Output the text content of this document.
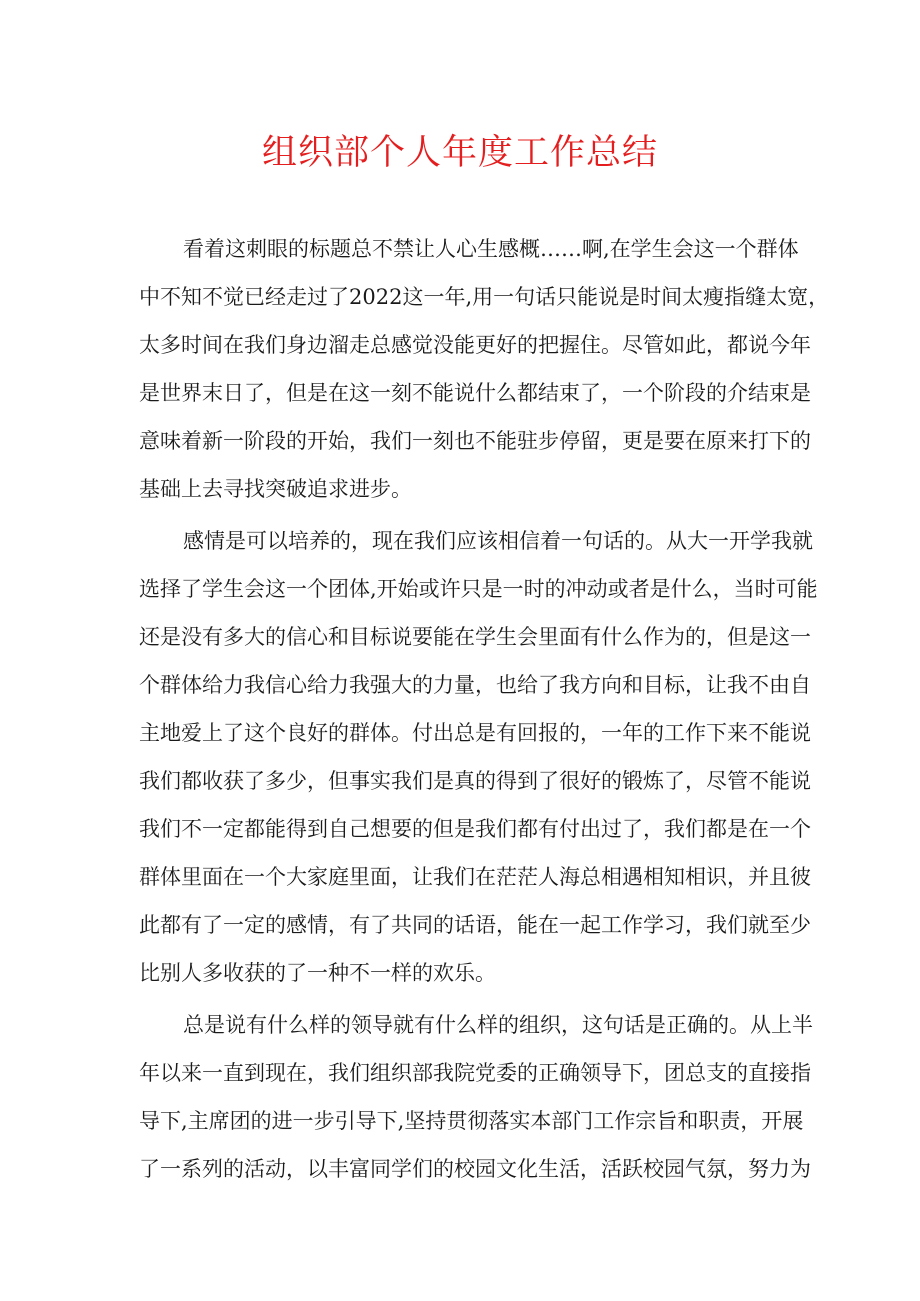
组织部个人年度工作总结
看着这刺眼的标题总不禁让人心生感概……啊,在学生会这一个群体
中不知不觉已经走过了2022这一年,用一句话只能说是时间太瘦指缝太宽，
太多时间在我们身边溜走总感觉没能更好的把握住。尽管如此，都说今年
是世界末日了，但是在这一刻不能说什么都结束了，一个阶段的介结束是
意味着新一阶段的开始，我们一刻也不能驻步停留，更是要在原来打下的
基础上去寻找突破追求进步。
感情是可以培养的，现在我们应该相信着一句话的。从大一开学我就
选择了学生会这一个团体,开始或许只是一时的冲动或者是什么，当时可能
还是没有多大的信心和目标说要能在学生会里面有什么作为的，但是这一
个群体给力我信心给力我强大的力量，也给了我方向和目标，让我不由自
主地爱上了这个良好的群体。付出总是有回报的，一年的工作下来不能说
我们都收获了多少，但事实我们是真的得到了很好的锻炼了，尽管不能说
我们不一定都能得到自己想要的但是我们都有付出过了，我们都是在一个
群体里面在一个大家庭里面，让我们在茫茫人海总相遇相知相识，并且彼
此都有了一定的感情，有了共同的话语，能在一起工作学习，我们就至少
比别人多收获的了一种不一样的欢乐。
总是说有什么样的领导就有什么样的组织，这句话是正确的。从上半
年以来一直到现在，我们组织部我院党委的正确领导下，团总支的直接指
导下,主席团的进一步引导下,坚持贯彻落实本部门工作宗旨和职责，开展
了一系列的活动，以丰富同学们的校园文化生活，活跃校园气氛，努力为
